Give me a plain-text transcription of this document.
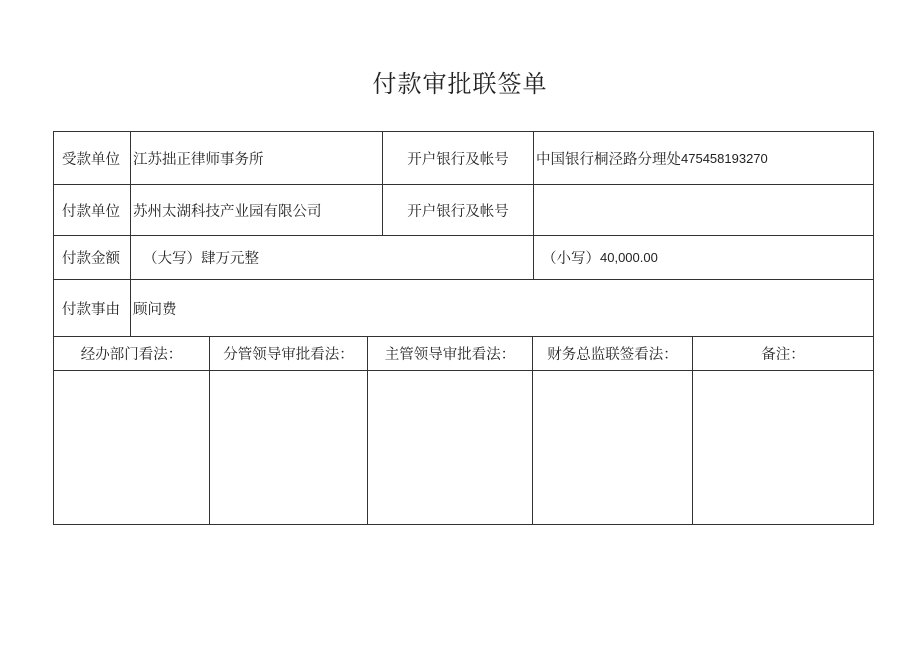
付款审批联签单
受款单位 江苏拙正律师事务所	开户银行及帐号	中国银行桐泾路分理处 475458193270
付款单位 苏州太湖科技产业园有限公司	开户银行及帐号
付款金额	（大写） 肆万元整	（小写） 40,000.00
付款事由 顾问费
经办部门看法：	分管领导审批看法：	主管领导审批看法：	财务总监联签看法：	备注：
